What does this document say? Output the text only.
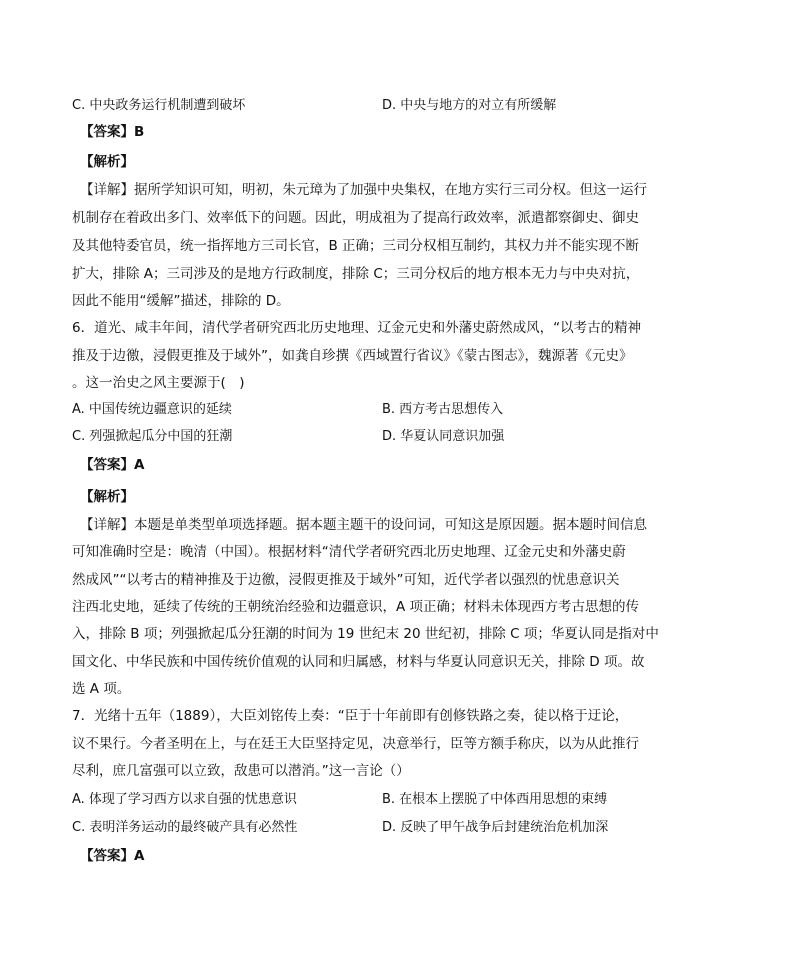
C. 中央政务运行机制遭到破坏	D. 中央与地方的对立有所缓解
【答案】B
【解析】
【详解】据所学知识可知，明初，朱元璋为了加强中央集权，在地方实行三司分权。但这一运行
机制存在着政出多门、效率低下的问题。因此，明成祖为了提高行政效率，派遣都察御史、御史
及其他特委官员，统一指挥地方三司长官，B 正确；三司分权相互制约，其权力并不能实现不断
扩大，排除 A；三司涉及的是地方行政制度，排除 C；三司分权后的地方根本无力与中央对抗，
因此不能用“缓解”描述，排除的 D。
6．道光、咸丰年间，清代学者研究西北历史地理、辽金元史和外藩史蔚然成风，“以考古的精神
推及于边徼，浸假更推及于域外”，如龚自珍撰《西域置行省议》《蒙古图志》，魏源著《元史》
。这一治史之风主要源于(　)
A. 中国传统边疆意识的延续	B. 西方考古思想传入
C. 列强掀起瓜分中国的狂潮	D. 华夏认同意识加强
【答案】A
【解析】
【详解】本题是单类型单项选择题。据本题主题干的设问词，可知这是原因题。据本题时间信息
可知准确时空是：晚清（中国）。根据材料“清代学者研究西北历史地理、辽金元史和外藩史蔚
然成风”“以考古的精神推及于边徼，浸假更推及于域外”可知，近代学者以强烈的忧患意识关
注西北史地，延续了传统的王朝统治经验和边疆意识，A 项正确；材料未体现西方考古思想的传
入，排除 B 项；列强掀起瓜分狂潮的时间为 19 世纪末 20 世纪初，排除 C 项；华夏认同是指对中
国文化、中华民族和中国传统价值观的认同和归属感，材料与华夏认同意识无关，排除 D 项。故
选 A 项。
7．光绪十五年（1889），大臣刘铭传上奏：“臣于十年前即有创修铁路之奏，徒以格于迂论，
议不果行。今者圣明在上，与在廷王大臣坚持定见，决意举行，臣等方额手称庆，以为从此推行
尽利，庶几富强可以立致，敌患可以潜消。”这一言论（）
A. 体现了学习西方以求自强的忧患意识	B. 在根本上摆脱了中体西用思想的束缚
C. 表明洋务运动的最终破产具有必然性	D. 反映了甲午战争后封建统治危机加深
【答案】A
